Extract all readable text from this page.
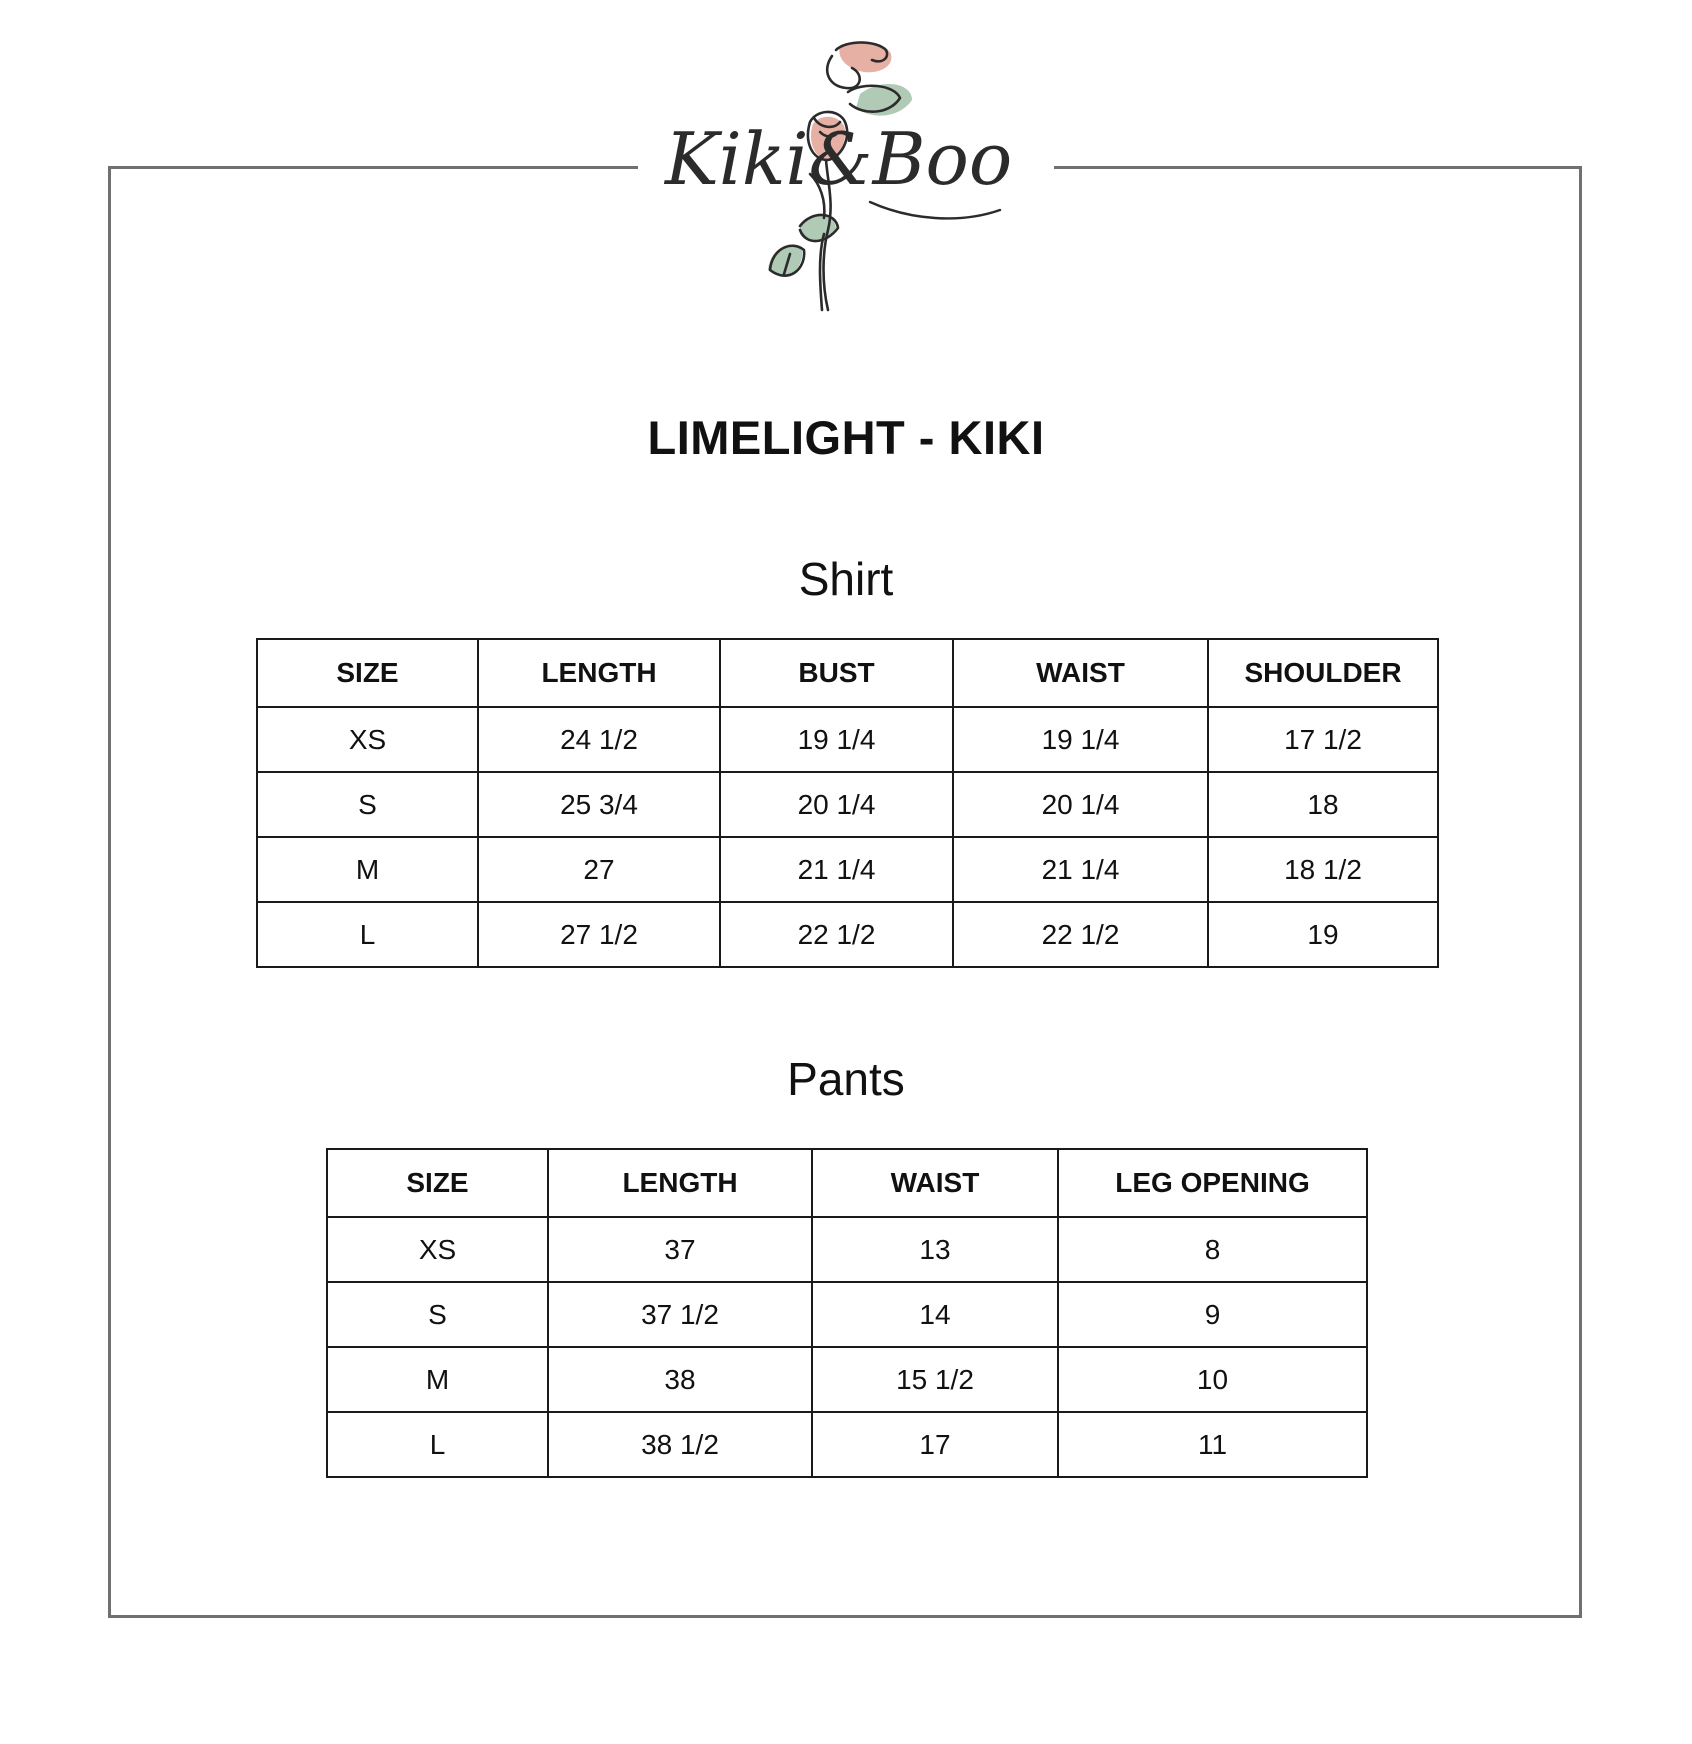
Kiki&Boo
LIMELIGHT - KIKI
Shirt
SIZE	LENGTH	BUST	WAIST	SHOULDER
XS	24 1/2	19 1/4	19 1/4	17 1/2
S	25 3/4	20 1/4	20 1/4	18
M	27	21 1/4	21 1/4	18 1/2
L	27 1/2	22 1/2	22 1/2	19
Pants
SIZE	LENGTH	WAIST	LEG OPENING
XS	37	13	8
S	37 1/2	14	9
M	38	15 1/2	10
L	38 1/2	17	11
